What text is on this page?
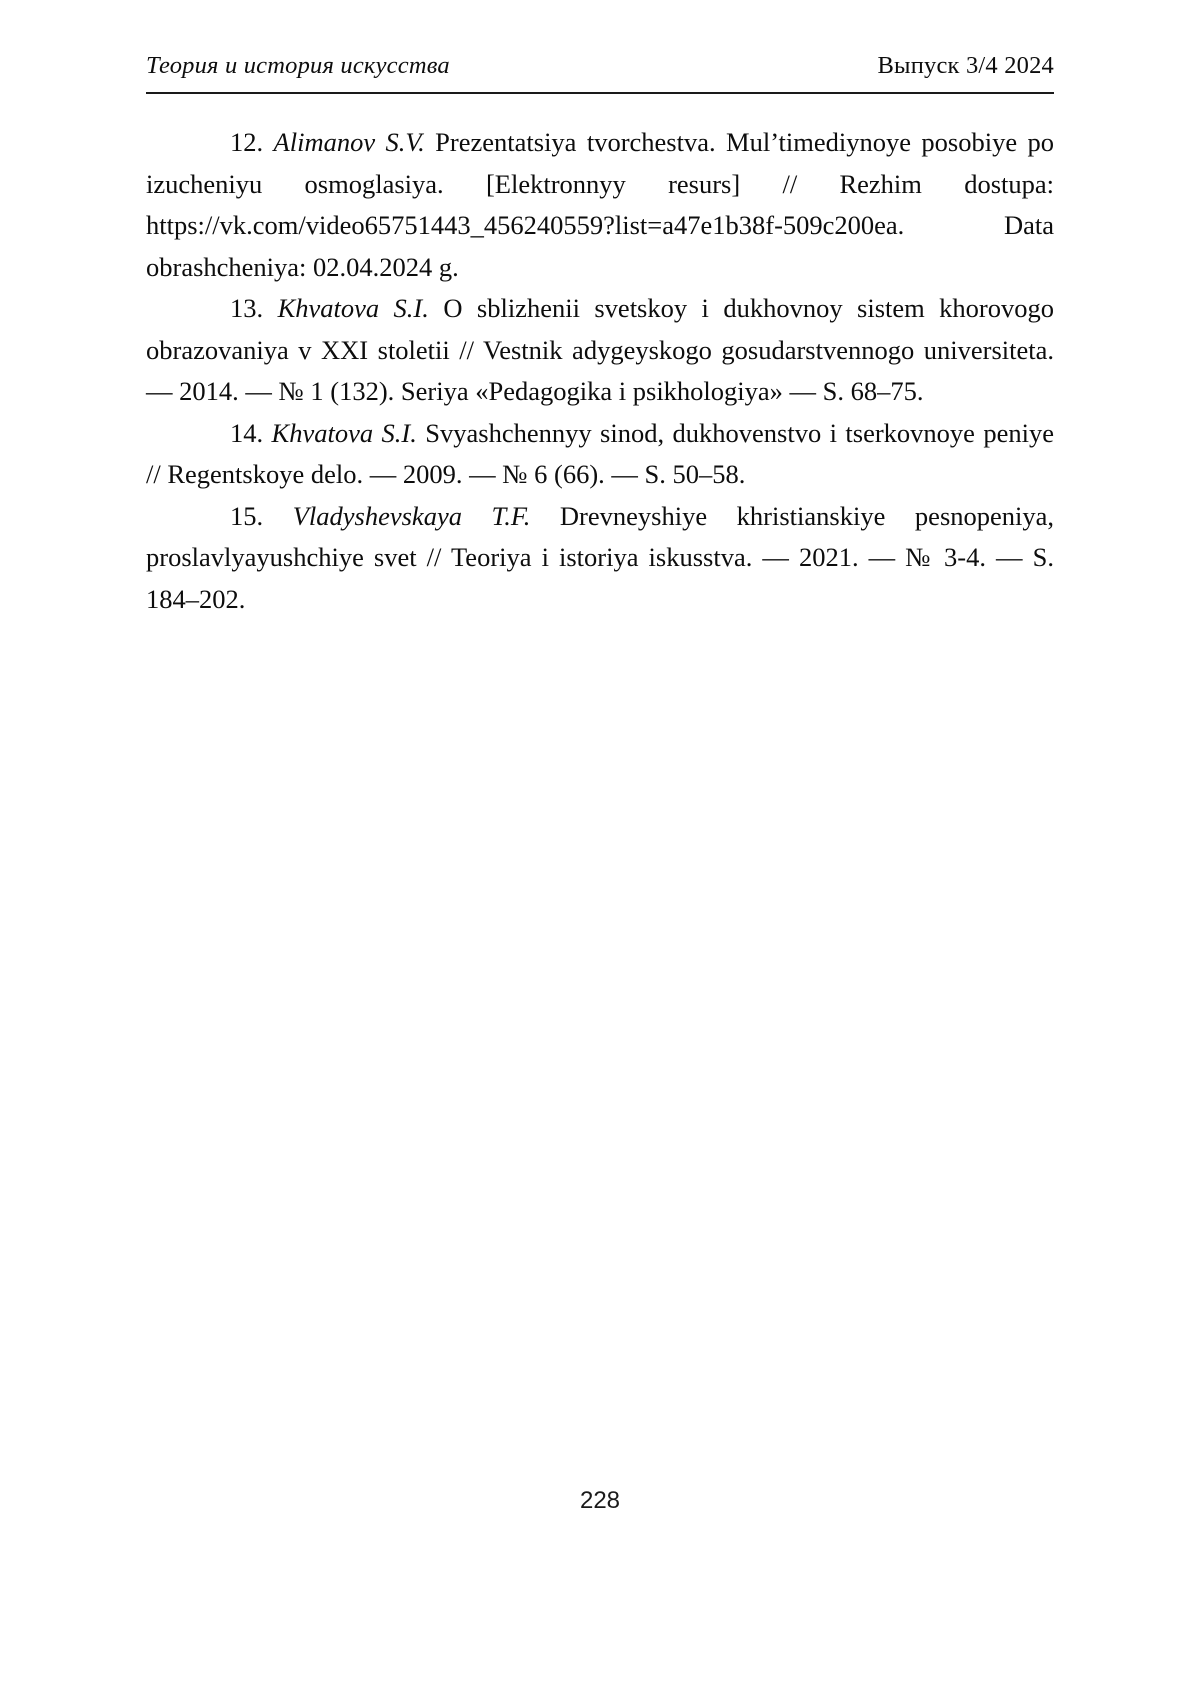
Теория и история искусства	Выпуск 3/4 2024

12. Alimanov S.V. Prezentatsiya tvorchestva. Mul’timediynoye posobiye po izucheniyu osmoglasiya. [Elektronnyy resurs] // Rezhim dostupa: https://vk.com/video65751443_456240559?list=a47e1b38f-509c200ea. Data obrashcheniya: 02.04.2024 g.

13. Khvatova S.I. O sblizhenii svetskoy i dukhovnoy sistem khorovogo obrazovaniya v XXI stoletii // Vestnik adygeyskogo gosudarstvennogo universiteta. — 2014. — № 1 (132). Seriya «Pedagogika i psikhologiya» — S. 68–75.

14. Khvatova S.I. Svyashchennyy sinod, dukhovenstvo i tserkovnoye peniye // Regentskoye delo. — 2009. — № 6 (66). — S. 50–58.

15. Vladyshevskaya T.F. Drevneyshiye khristianskiye pesnopeniya, proslavlyayushchiye svet // Teoriya i istoriya iskusstva. — 2021. — № 3-4. — S. 184–202.

228
